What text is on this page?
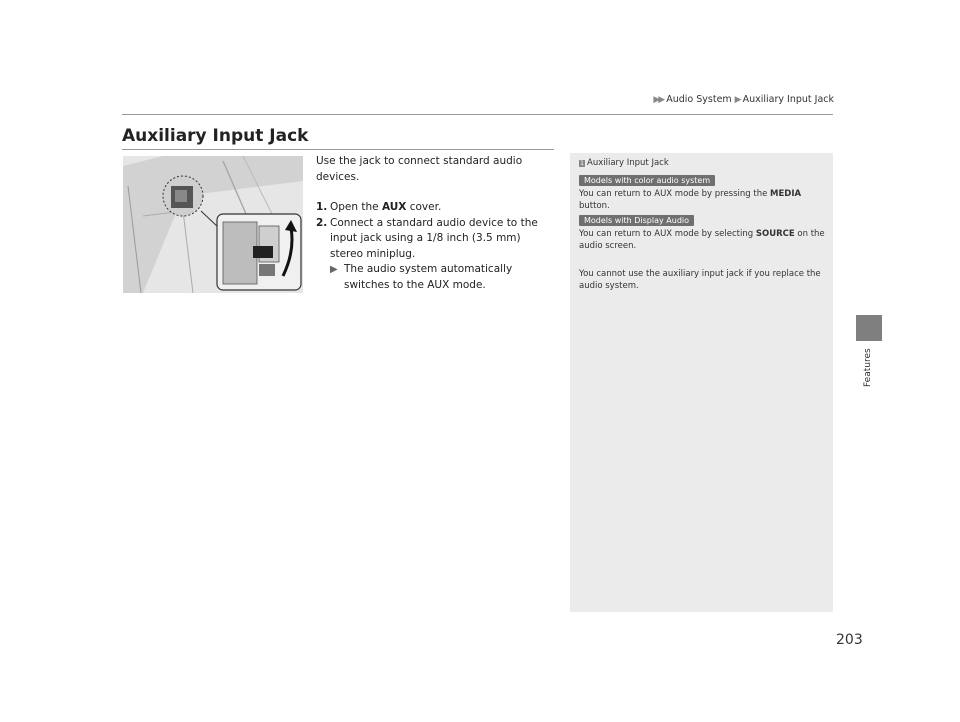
▶▶ Audio System ▶ Auxiliary Input Jack
Auxiliary Input Jack
Features

Use the jack to connect standard audio devices.

1. Open the AUX cover.
2. Connect a standard audio device to the input jack using a 1/8 inch (3.5 mm) stereo miniplug.
▶ The audio system automatically switches to the AUX mode.
1 Auxiliary Input Jack
Models with color audio system
You can return to AUX mode by pressing the MEDIA button.
Models with Display Audio
You can return to AUX mode by selecting SOURCE on the audio screen.
You cannot use the auxiliary input jack if you replace the audio system.
203
